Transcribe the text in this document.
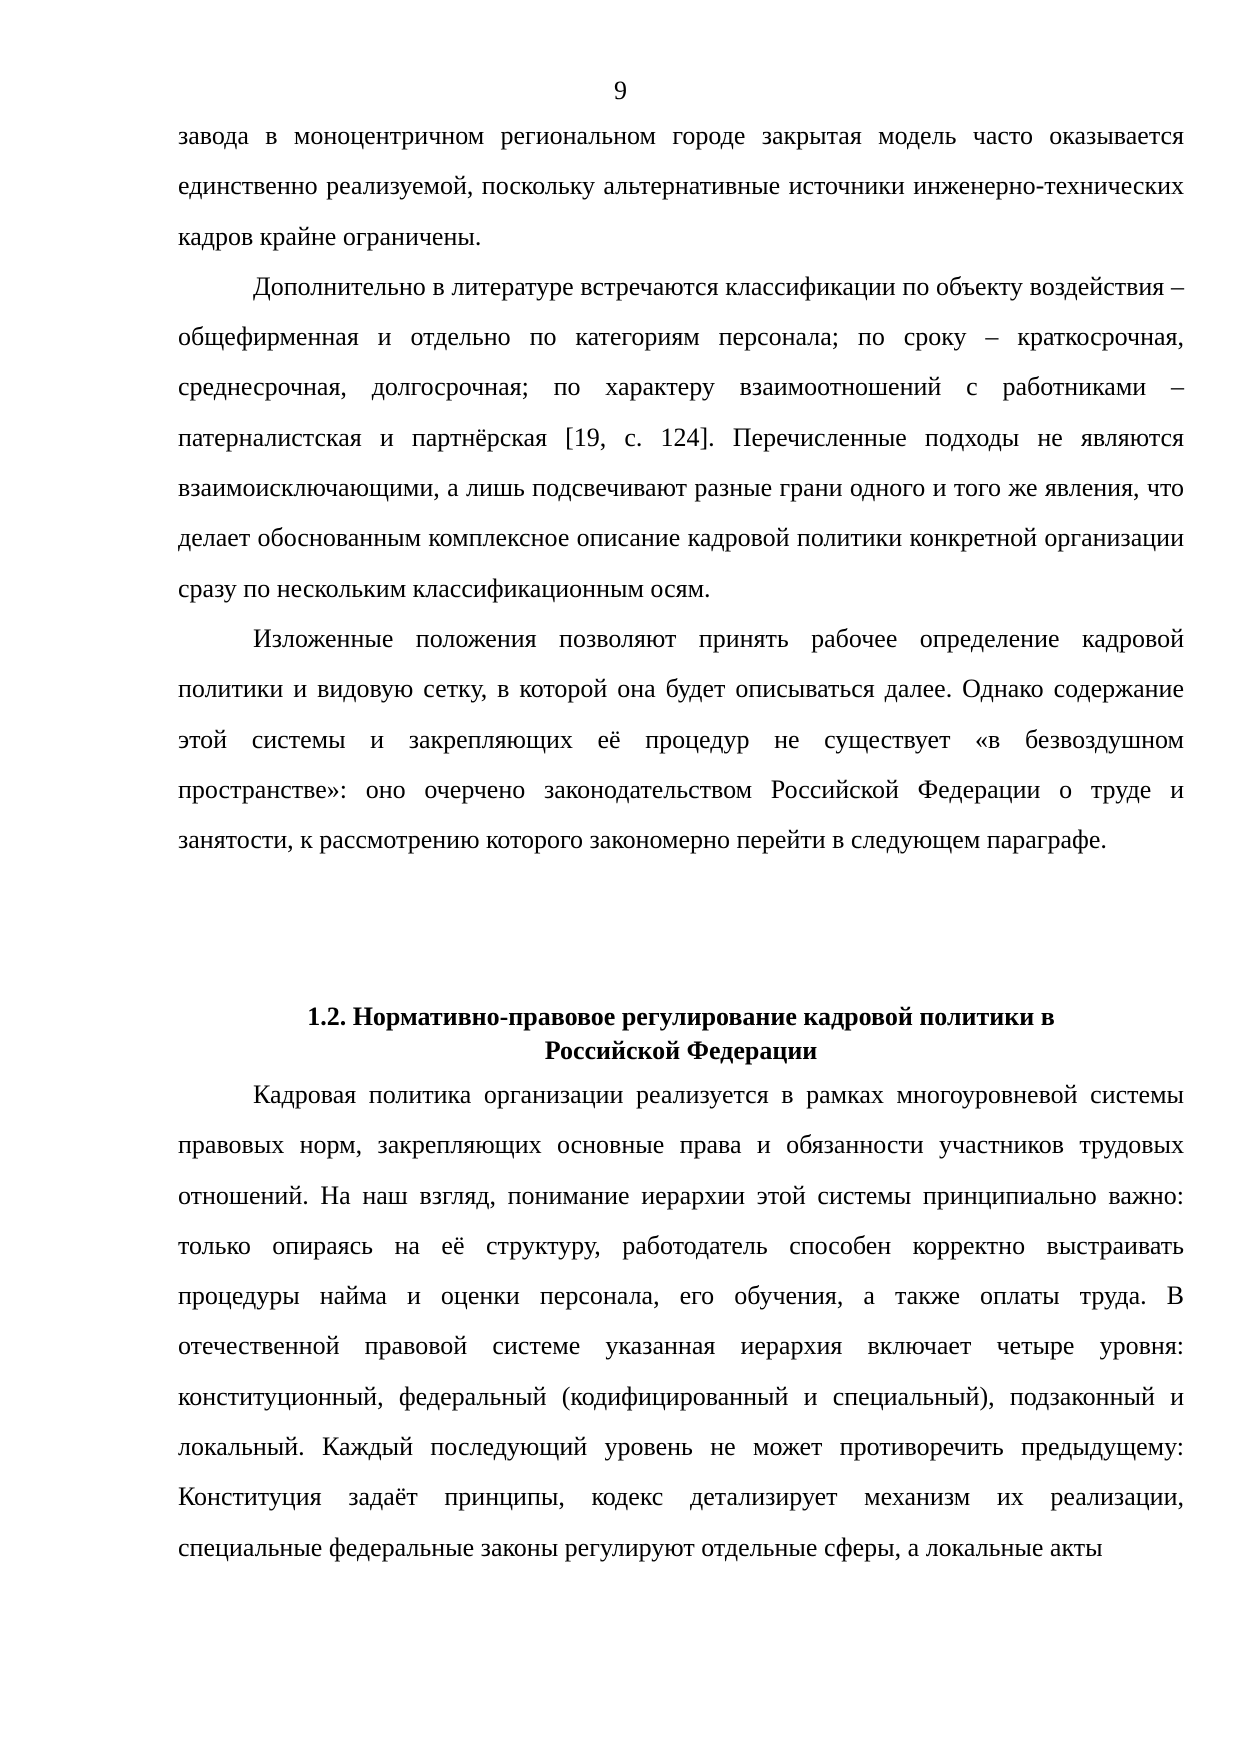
9

завода в моноцентричном региональном городе закрытая модель часто оказывается единственно реализуемой, поскольку альтернативные источники инженерно-технических кадров крайне ограничены.

Дополнительно в литературе встречаются классификации по объекту воздействия – общефирменная и отдельно по категориям персонала; по сроку – краткосрочная, среднесрочная, долгосрочная; по характеру взаимоотношений с работниками – патерналистская и партнёрская [19, с. 124]. Перечисленные подходы не являются взаимоисключающими, а лишь подсвечивают разные грани одного и того же явления, что делает обоснованным комплексное описание кадровой политики конкретной организации сразу по нескольким классификационным осям.

Изложенные положения позволяют принять рабочее определение кадровой политики и видовую сетку, в которой она будет описываться далее. Однако содержание этой системы и закрепляющих её процедур не существует «в безвоздушном пространстве»: оно очерчено законодательством Российской Федерации о труде и занятости, к рассмотрению которого закономерно перейти в следующем параграфе.

1.2. Нормативно-правовое регулирование кадровой политики в
Российской Федерации

Кадровая политика организации реализуется в рамках многоуровневой системы правовых норм, закрепляющих основные права и обязанности участников трудовых отношений. На наш взгляд, понимание иерархии этой системы принципиально важно: только опираясь на её структуру, работодатель способен корректно выстраивать процедуры найма и оценки персонала, его обучения, а также оплаты труда. В отечественной правовой системе указанная иерархия включает четыре уровня: конституционный, федеральный (кодифицированный и специальный), подзаконный и локальный. Каждый последующий уровень не может противоречить предыдущему: Конституция задаёт принципы, кодекс детализирует механизм их реализации, специальные федеральные законы регулируют отдельные сферы, а локальные акты
